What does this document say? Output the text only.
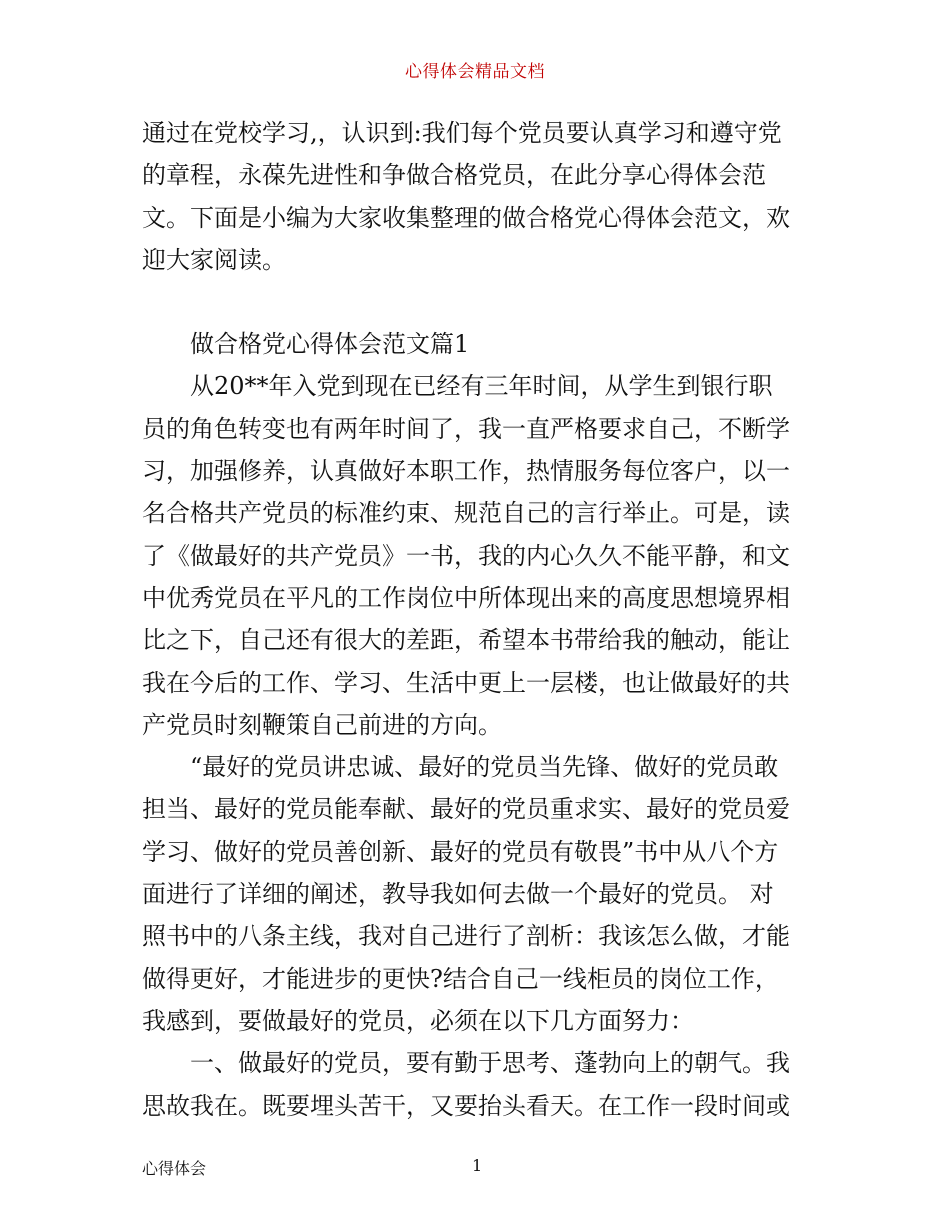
心得体会精品文档
通过在党校学习,，认识到:我们每个党员要认真学习和遵守党
的章程，永葆先进性和争做合格党员，在此分享心得体会范
文。下面是小编为大家收集整理的做合格党心得体会范文，欢
迎大家阅读。
做合格党心得体会范文篇1
　　从20**年入党到现在已经有三年时间，从学生到银行职
员的角色转变也有两年时间了，我一直严格要求自己，不断学
习，加强修养，认真做好本职工作，热情服务每位客户，以一
名合格共产党员的标准约束、规范自己的言行举止。可是，读
了《做最好的共产党员》一书，我的内心久久不能平静，和文
中优秀党员在平凡的工作岗位中所体现出来的高度思想境界相
比之下，自己还有很大的差距，希望本书带给我的触动，能让
我在今后的工作、学习、生活中更上一层楼，也让做最好的共
产党员时刻鞭策自己前进的方向。
　　“最好的党员讲忠诚、最好的党员当先锋、做好的党员敢
担当、最好的党员能奉献、最好的党员重求实、最好的党员爱
学习、做好的党员善创新、最好的党员有敬畏”书中从八个方
面进行了详细的阐述，教导我如何去做一个最好的党员。 对
照书中的八条主线，我对自己进行了剖析：我该怎么做，才能
做得更好，才能进步的更快?结合自己一线柜员的岗位工作，
我感到，要做最好的党员，必须在以下几方面努力：
　　一、做最好的党员，要有勤于思考、蓬勃向上的朝气。我
思故我在。既要埋头苦干，又要抬头看天。在工作一段时间或
心得体会	1
